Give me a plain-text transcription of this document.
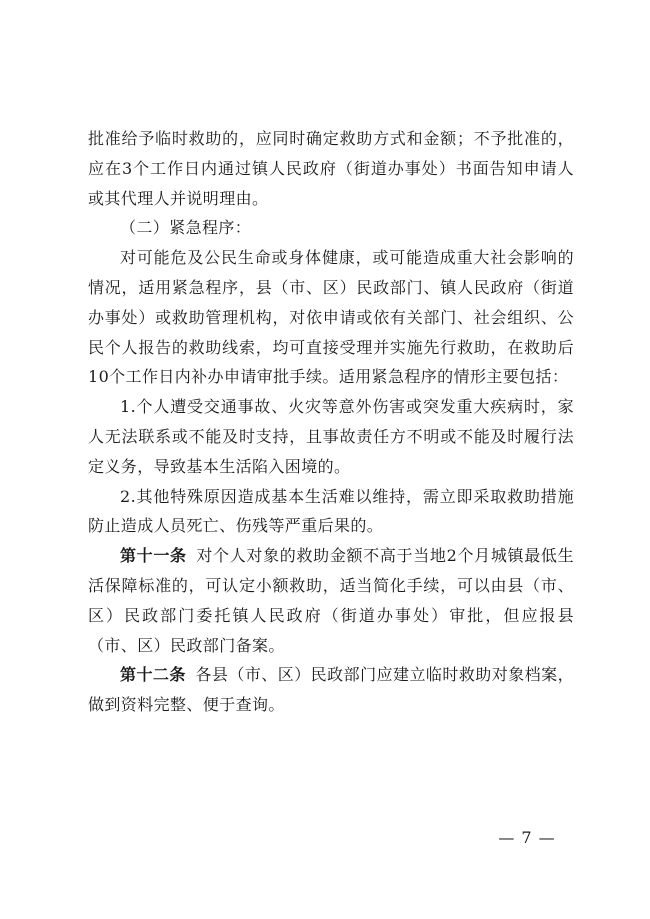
批准给予临时救助的，应同时确定救助方式和金额；不予批准的，应在3个工作日内通过镇人民政府（街道办事处）书面告知申请人或其代理人并说明理由。

（二）紧急程序：

对可能危及公民生命或身体健康，或可能造成重大社会影响的情况，适用紧急程序，县（市、区）民政部门、镇人民政府（街道办事处）或救助管理机构，对依申请或依有关部门、社会组织、公民个人报告的救助线索，均可直接受理并实施先行救助，在救助后10个工作日内补办申请审批手续。适用紧急程序的情形主要包括：

1.个人遭受交通事故、火灾等意外伤害或突发重大疾病时，家人无法联系或不能及时支持，且事故责任方不明或不能及时履行法定义务，导致基本生活陷入困境的。

2.其他特殊原因造成基本生活难以维持，需立即采取救助措施防止造成人员死亡、伤残等严重后果的。

第十一条 对个人对象的救助金额不高于当地2个月城镇最低生活保障标准的，可认定小额救助，适当简化手续，可以由县（市、区）民政部门委托镇人民政府（街道办事处）审批，但应报县（市、区）民政部门备案。

第十二条 各县（市、区）民政部门应建立临时救助对象档案，做到资料完整、便于查询。

— 7 —
